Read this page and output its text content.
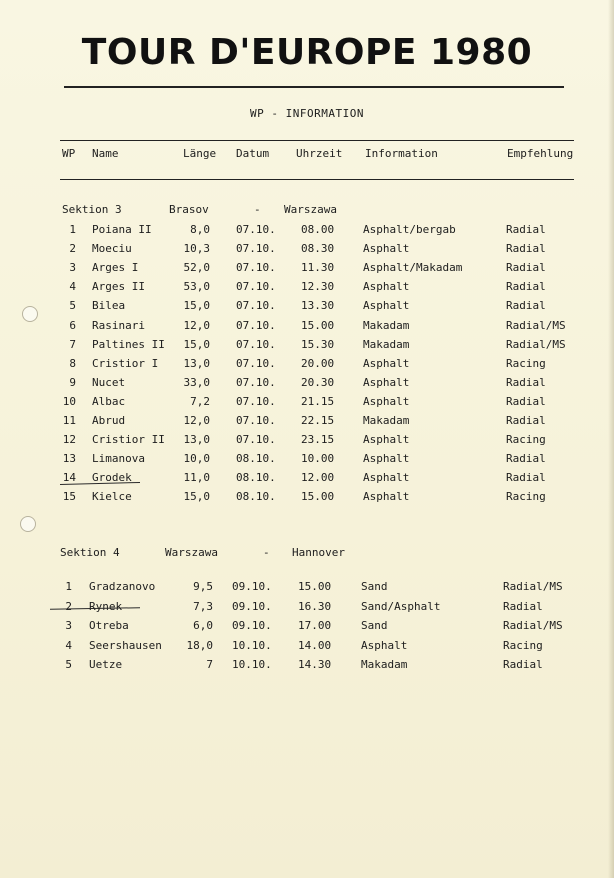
TOUR D'EUROPE 1980
WP - INFORMATION
WP Name	Länge Datum Uhrzeit Information	Empfehlung
Sektion 3	Brasov	- Warszawa
1 Poiana II	8,0 07.10. 08.00	Asphalt/bergab	Radial
2 Moeciu	10,3 07.10. 08.30	Asphalt	Radial
3 Arges I	52,0 07.10. 11.30	Asphalt/Makadam	Radial
4 Arges II	53,0 07.10. 12.30	Asphalt	Radial
5 Bilea	15,0 07.10. 13.30	Asphalt	Radial
6 Rasinari	12,0 07.10. 15.00	Makadam	Radial/MS
7 Paltines II	15,0 07.10. 15.30	Makadam	Radial/MS
8 Cristior I	13,0 07.10. 20.00	Asphalt	Racing
9 Nucet	33,0 07.10. 20.30	Asphalt	Radial
10 Albac	7,2 07.10. 21.15	Asphalt	Radial
11 Abrud	12,0 07.10. 22.15	Makadam	Radial
12 Cristior II	13,0 07.10. 23.15	Asphalt	Racing
13 Limanova	10,0 08.10. 10.00	Asphalt	Radial
14 Grodek	11,0 08.10. 12.00	Asphalt	Radial
15 Kielce	15,0 08.10. 15.00	Asphalt	Racing
Sektion 4	Warszawa	- Hannover
1 Gradzanovo	9,5 09.10. 15.00	Sand	Radial/MS
2 Rynek	7,3 09.10. 16.30	Sand/Asphalt	Radial
3 Otreba	6,0 09.10. 17.00	Sand	Radial/MS
4 Seershausen	18,0 10.10. 14.00	Asphalt	Racing
5 Uetze	7 10.10. 14.30	Makadam	Radial
